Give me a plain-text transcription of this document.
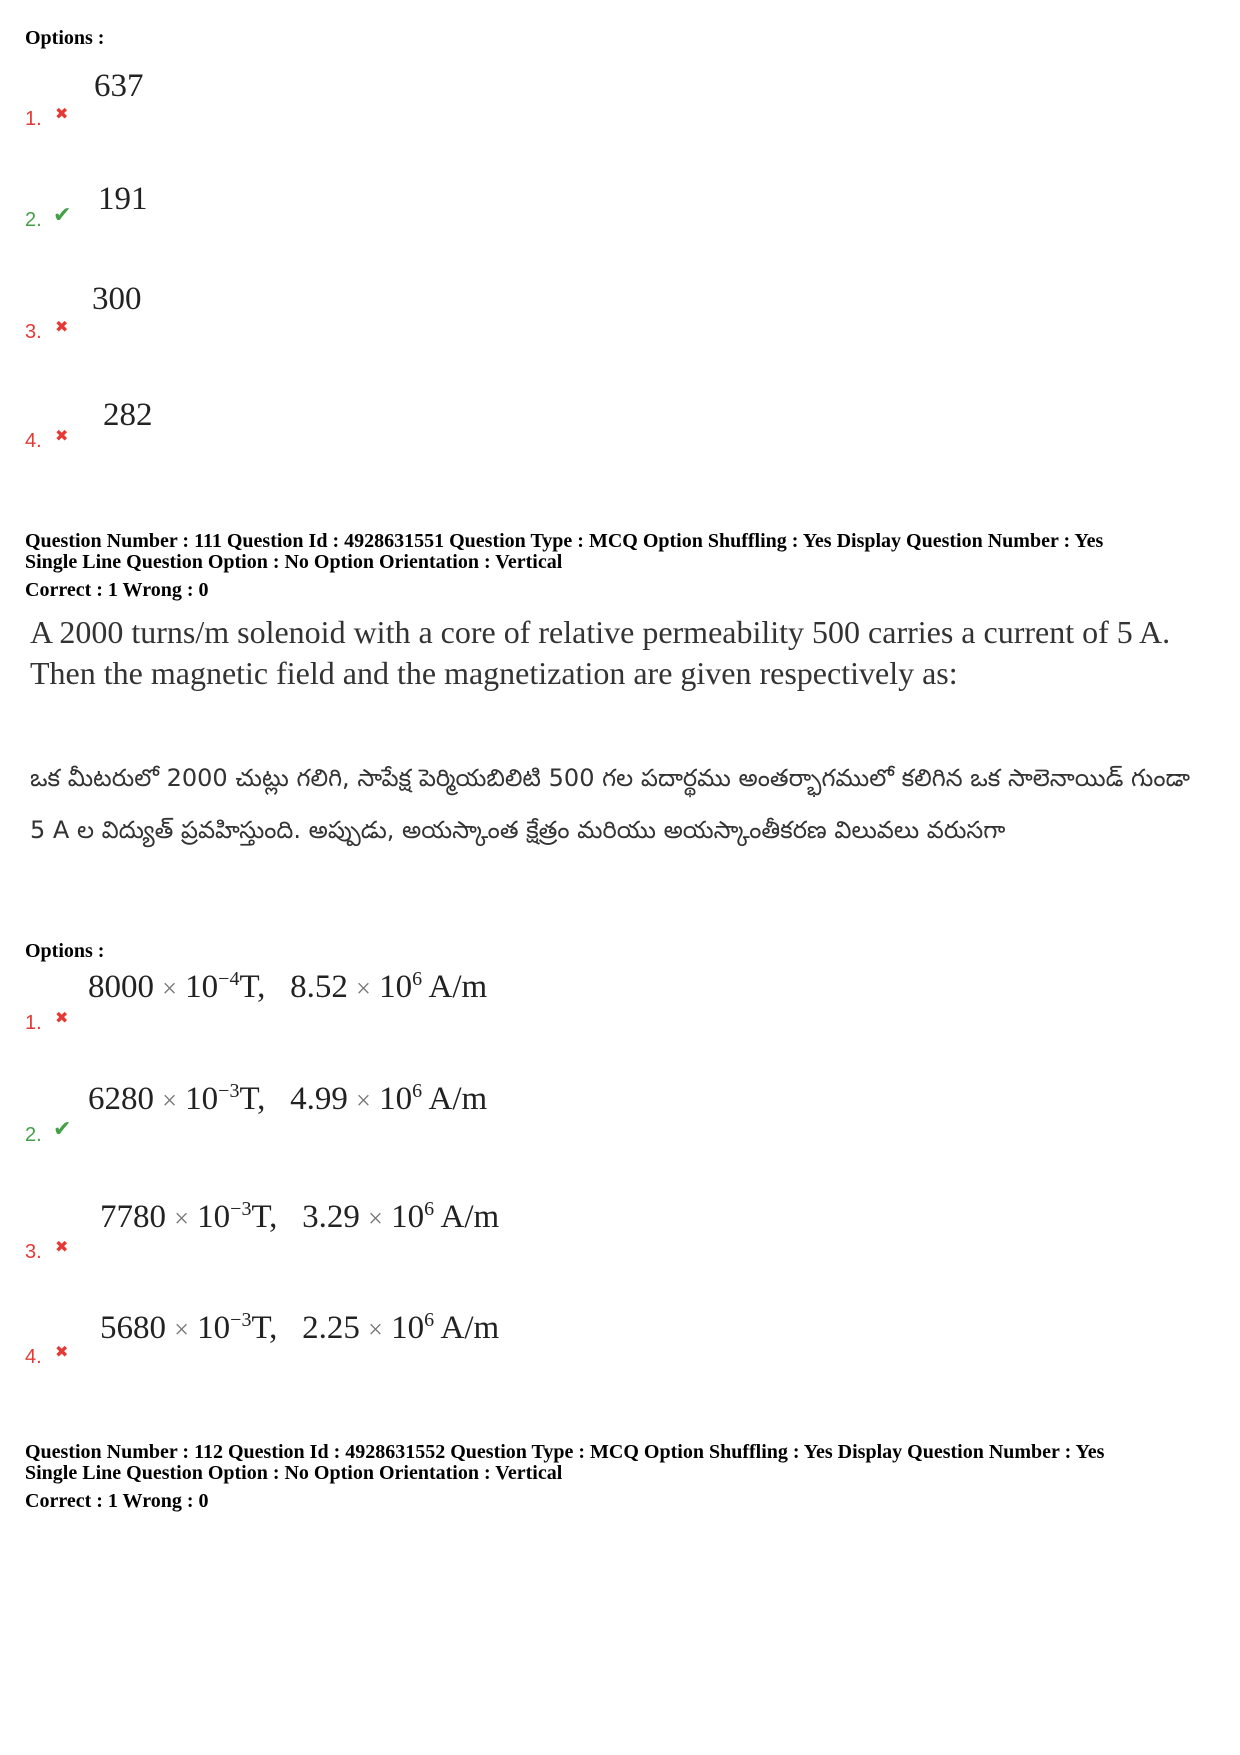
Options :
1. ✖
637
2. ✔ 191
3. ✖
300
4. ✖
282
Question Number : 111 Question Id : 4928631551 Question Type : MCQ Option Shuffling : Yes Display Question Number : Yes
Single Line Question Option : No Option Orientation : Vertical
Correct : 1 Wrong : 0
A 2000 turns/m solenoid with a core of relative permeability 500 carries a current of 5 A. Then the magnetic field and the magnetization are given respectively as:
ఒక మీటరులో 2000 చుట్లు గలిగి, సాపేక్ష పెర్మియబిలిటి 500 గల పదార్థము అంతర్భాగములో కలిగిన ఒక సాలెనాయిడ్ గుండా 5 A ల విద్యుత్ ప్రవహిస్తుంది. అప్పుడు, అయస్కాంత క్షేత్రం మరియు అయస్కాంతీకరణ విలువలు వరుసగా
Options :
1. ✖
$8000 \times 10^{-4}T$, $8.52 \times 10^6$ A/m
2. ✔
$6280 \times 10^{-3}T$, $4.99 \times 10^6$ A/m
3. ✖
$7780 \times 10^{-3}T$, $3.29 \times 10^6$ A/m
4. ✖
$5680 \times 10^{-3}T$, $2.25 \times 10^6$ A/m
Question Number : 112 Question Id : 4928631552 Question Type : MCQ Option Shuffling : Yes Display Question Number : Yes
Single Line Question Option : No Option Orientation : Vertical
Correct : 1 Wrong : 0
